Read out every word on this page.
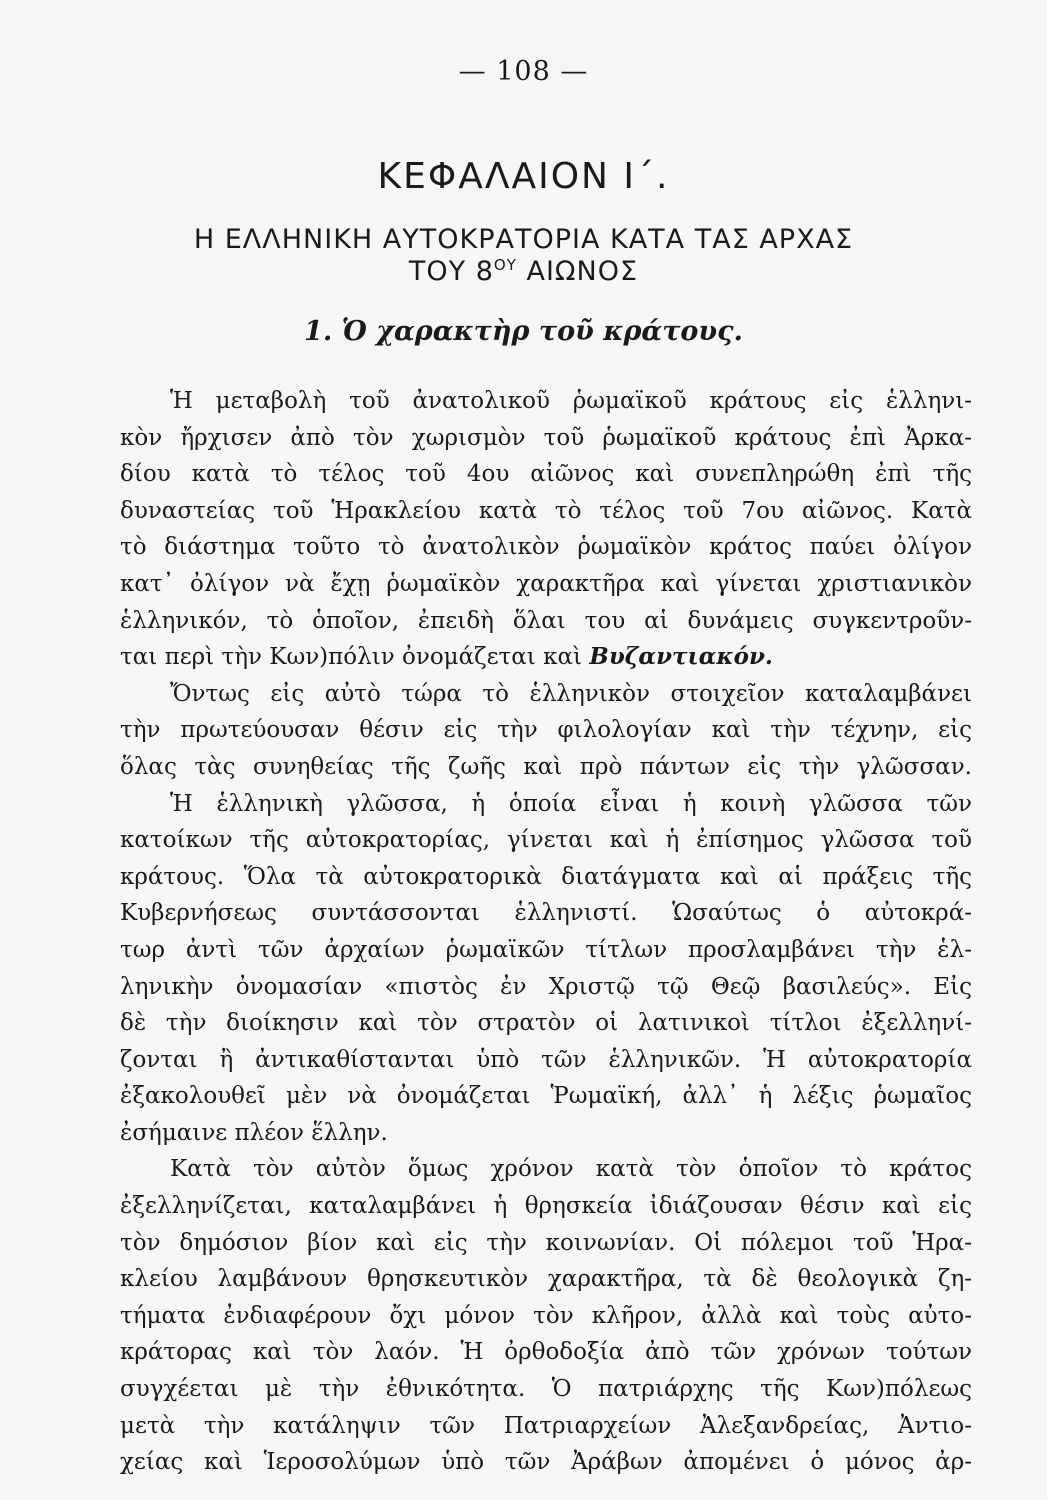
— 108 —
ΚΕΦΑΛΑΙΟΝ Ι΄.
Η ΕΛΛΗΝΙΚΗ ΑΥΤΟΚΡΑΤΟΡΙΑ ΚΑΤΑ ΤΑΣ ΑΡΧΑΣ
ΤΟΥ $8^{O\Upsilon}$ ΑΙΩΝΟΣ
1. Ὁ χαρακτὴρ τοῦ κράτους.
Ἡ μεταβολὴ τοῦ ἀνατολικοῦ ῥωμαϊκοῦ κράτους εἰς ἑλληνι-
κὸν ἤρχισεν ἀπὸ τὸν χωρισμὸν τοῦ ῥωμαϊκοῦ κράτους ἐπὶ Ἀρκα-
δίου κατὰ τὸ τέλος τοῦ 4ου αἰῶνος καὶ συνεπληρώθη ἐπὶ τῆς
δυναστείας τοῦ Ἡρακλείου κατὰ τὸ τέλος τοῦ 7ου αἰῶνος. Κατὰ
τὸ διάστημα τοῦτο τὸ ἀνατολικὸν ῥωμαϊκὸν κράτος παύει ὀλίγον
κατ᾽ ὀλίγον νὰ ἔχῃ ῥωμαϊκὸν χαρακτῆρα καὶ γίνεται χριστιανικὸν
ἑλληνικόν, τὸ ὁποῖον, ἐπειδὴ ὅλαι του αἱ δυνάμεις συγκεντροῦν-
ται περὶ τὴν Κων)πόλιν ὀνομάζεται καὶ Βυζαντιακόν.
Ὄντως εἰς αὐτὸ τώρα τὸ ἑλληνικὸν στοιχεῖον καταλαμβάνει
τὴν πρωτεύουσαν θέσιν εἰς τὴν φιλολογίαν καὶ τὴν τέχνην, εἰς
ὅλας τὰς συνηθείας τῆς ζωῆς καὶ πρὸ πάντων εἰς τὴν γλῶσσαν.
Ἡ ἑλληνικὴ γλῶσσα, ἡ ὁποία εἶναι ἡ κοινὴ γλῶσσα τῶν
κατοίκων τῆς αὐτοκρατορίας, γίνεται καὶ ἡ ἐπίσημος γλῶσσα τοῦ
κράτους. Ὅλα τὰ αὐτοκρατορικὰ διατάγματα καὶ αἱ πράξεις τῆς
Κυβερνήσεως συντάσσονται ἑλληνιστί. Ὡσαύτως ὁ αὐτοκρά-
τωρ ἀντὶ τῶν ἀρχαίων ῥωμαϊκῶν τίτλων προσλαμβάνει τὴν ἑλ-
ληνικὴν ὀνομασίαν «πιστὸς ἐν Χριστῷ τῷ Θεῷ βασιλεύς». Εἰς
δὲ τὴν διοίκησιν καὶ τὸν στρατὸν οἱ λατινικοὶ τίτλοι ἐξελληνί-
ζονται ἢ ἀντικαθίστανται ὑπὸ τῶν ἑλληνικῶν. Ἡ αὐτοκρατορία
ἐξακολουθεῖ μὲν νὰ ὀνομάζεται Ῥωμαϊκή, ἀλλ᾽ ἡ λέξις ῥωμαῖος
ἐσήμαινε πλέον ἕλλην.
Κατὰ τὸν αὐτὸν ὅμως χρόνον κατὰ τὸν ὁποῖον τὸ κράτος
ἐξελληνίζεται, καταλαμβάνει ἡ θρησκεία ἰδιάζουσαν θέσιν καὶ εἰς
τὸν δημόσιον βίον καὶ εἰς τὴν κοινωνίαν. Οἱ πόλεμοι τοῦ Ἡρα-
κλείου λαμβάνουν θρησκευτικὸν χαρακτῆρα, τὰ δὲ θεολογικὰ ζη-
τήματα ἐνδιαφέρουν ὄχι μόνον τὸν κλῆρον, ἀλλὰ καὶ τοὺς αὐτο-
κράτορας καὶ τὸν λαόν. Ἡ ὀρθοδοξία ἀπὸ τῶν χρόνων τούτων
συγχέεται μὲ τὴν ἐθνικότητα. Ὁ πατριάρχης τῆς Κων)πόλεως
μετὰ τὴν κατάληψιν τῶν Πατριαρχείων Ἀλεξανδρείας, Ἀντιο-
χείας καὶ Ἱεροσολύμων ὑπὸ τῶν Ἀράβων ἀπομένει ὁ μόνος ἀρ-
